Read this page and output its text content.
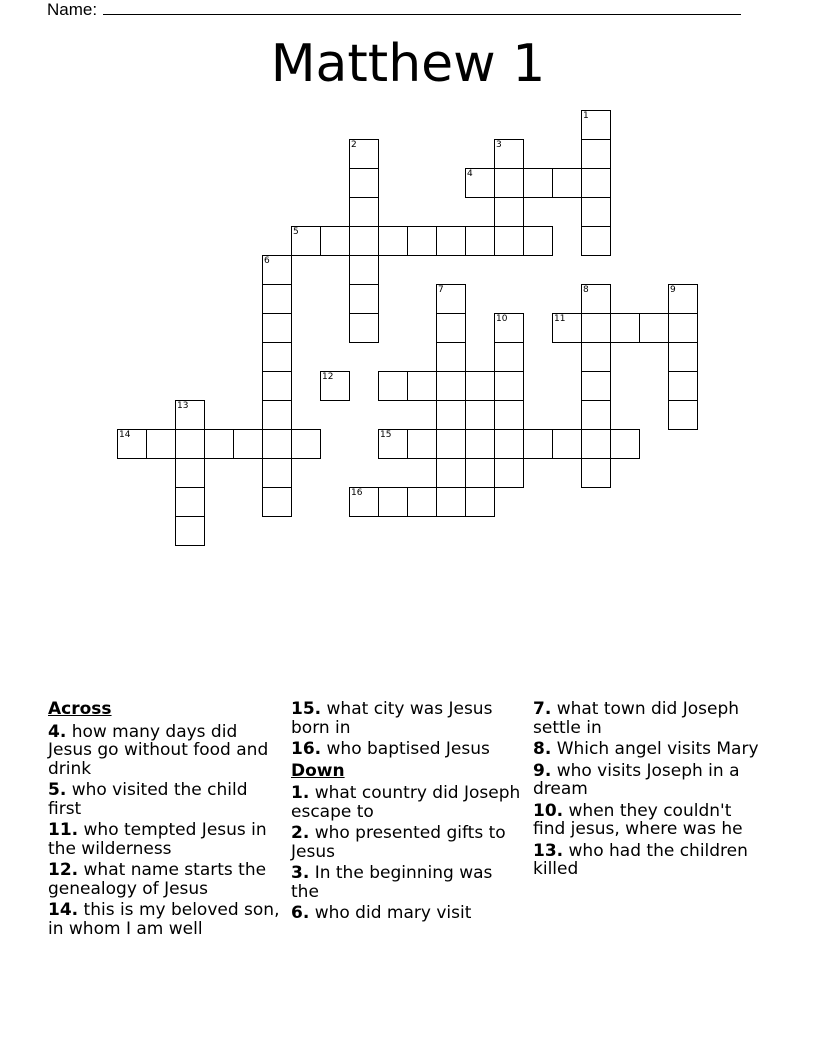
Name:
Matthew 1
1
2	3
4
5
6
7	8	9
10	11
12
13
14	15
16
Across
4. how many days did Jesus go without food and drink
5. who visited the child first
11. who tempted Jesus in the wilderness
12. what name starts the genealogy of Jesus
14. this is my beloved son, in whom I am well
15. what city was Jesus born in
16. who baptised Jesus
Down
1. what country did Joseph escape to
2. who presented gifts to Jesus
3. In the beginning was the
6. who did mary visit
7. what town did Joseph settle in
8. Which angel visits Mary
9. who visits Joseph in a dream
10. when they couldn't find jesus, where was he
13. who had the children killed
